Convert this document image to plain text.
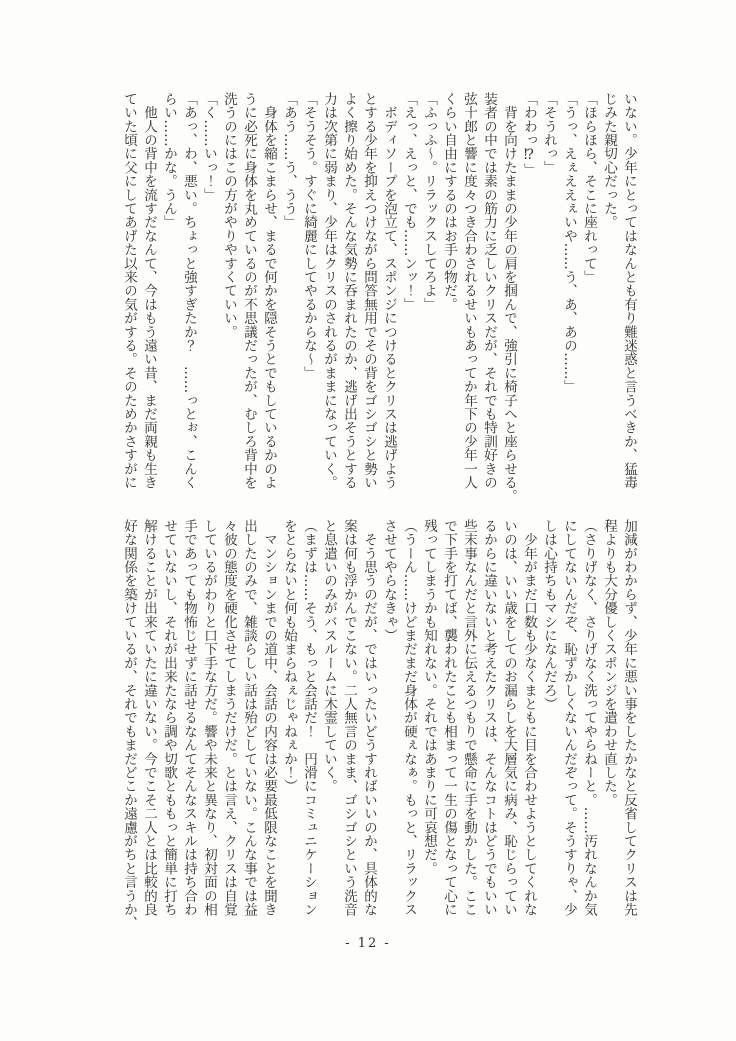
いない。少年にとってはなんとも有り難迷惑と言うべきか、猛毒

じみた親切心だった。

「ほらほら、そこに座れって」

「うっ、えぇええぇいや……う、あ、あの……」

「そうれっ」

「わわっ⁉」

　背を向けたままの少年の肩を掴んで、強引に椅子へと座らせる。

装者の中では素の筋力に乏しいクリスだが、それでも特訓好きの

弦十郎と響に度々つき合わされるせいもあってか年下の少年一人

くらい自由にするのはお手の物だ。

「ふっふ〜。リラックスしてろよ」

「えっ、えっと、でも……ンッ！」

　ボディソープを泡立て、スポンジにつけるとクリスは逃げよう

とする少年を抑えつけながら問答無用でその背をゴシゴシと勢い

よく擦り始めた。そんな気勢に呑まれたのか、逃げ出そうとする

力は次第に弱まり、少年はクリスのされるがままになっていく。

「そうそう。すぐに綺麗にしてやるからな〜」

「あう……う、うう」

　身体を縮こまらせ、まるで何かを隠そうとでもしているかのよ

うに必死に身体を丸めているのが不思議だったが、むしろ背中を

洗うのにはこの方がやりやすくていい。

「く……いっ！」

「あっ、わ、悪い。ちょっと強すぎたか？　……っとぉ、こんく

らい……かな。うん」

　他人の背中を流すだなんて、今はもう遠い昔、まだ両親も生き

ていた頃に父にしてあげた以来の気がする。そのためかさすがに

加減がわからず、少年に悪い事をしたかなと反省してクリスは先

程よりも大分優しくスポンジを遣わせ直した。

（さりげなく、さりげなく洗ってやらねーと。……汚れなんか気

にしてないんだぞ、恥ずかしくないんだぞって。そうすりゃ、少

しは心持ちもマシになんだろ）

　少年がまだ口数も少なくまともに目を合わせようとしてくれな

いのは、いい歳をしてのお漏らしを大層気に病み、恥じらってい

るからに違いないと考えたクリスは、そんなコトはどうでもいい

些末事なんだと言外に伝えるつもりで懸命に手を動かした。ここ

で下手を打てば、襲われたことも相まって一生の傷となって心に

残ってしまうかも知れない。それではあまりに可哀想だ。

（うーん……けどまだまだ身体が硬ぇなぁ。もっと、リラックス

させてやらなきゃ）

　そう思うのだが、ではいったいどうすればいいのか、具体的な

案は何も浮かんでこない。二人無言のまま、ゴシゴシという洗音

と息遣いのみがバスルームに木霊していく。

（まずは……そう、もっと会話だ！　円滑にコミュニケーション

をとらないと何も始まらねぇじゃねぇか！）

　マンションまでの道中、会話の内容は必要最低限なことを聞き

出したのみで、雑談らしい話は殆どしていない。こんな事では益

々彼の態度を硬化させてしまうだけだ。とは言え、クリスは自覚

しているがわりと口下手な方だ。響や未来と異なり、初対面の相

手であっても物怖じせずに話せるなんてそんなスキルは持ち合わ

せていないし、それが出来たなら調や切歌とももっと簡単に打ち

解けることが出来ていたに違いない。今でこそ二人とは比較的良

好な関係を築けているが、それでもまだどこか遠慮がちと言うか、

- 12 -
